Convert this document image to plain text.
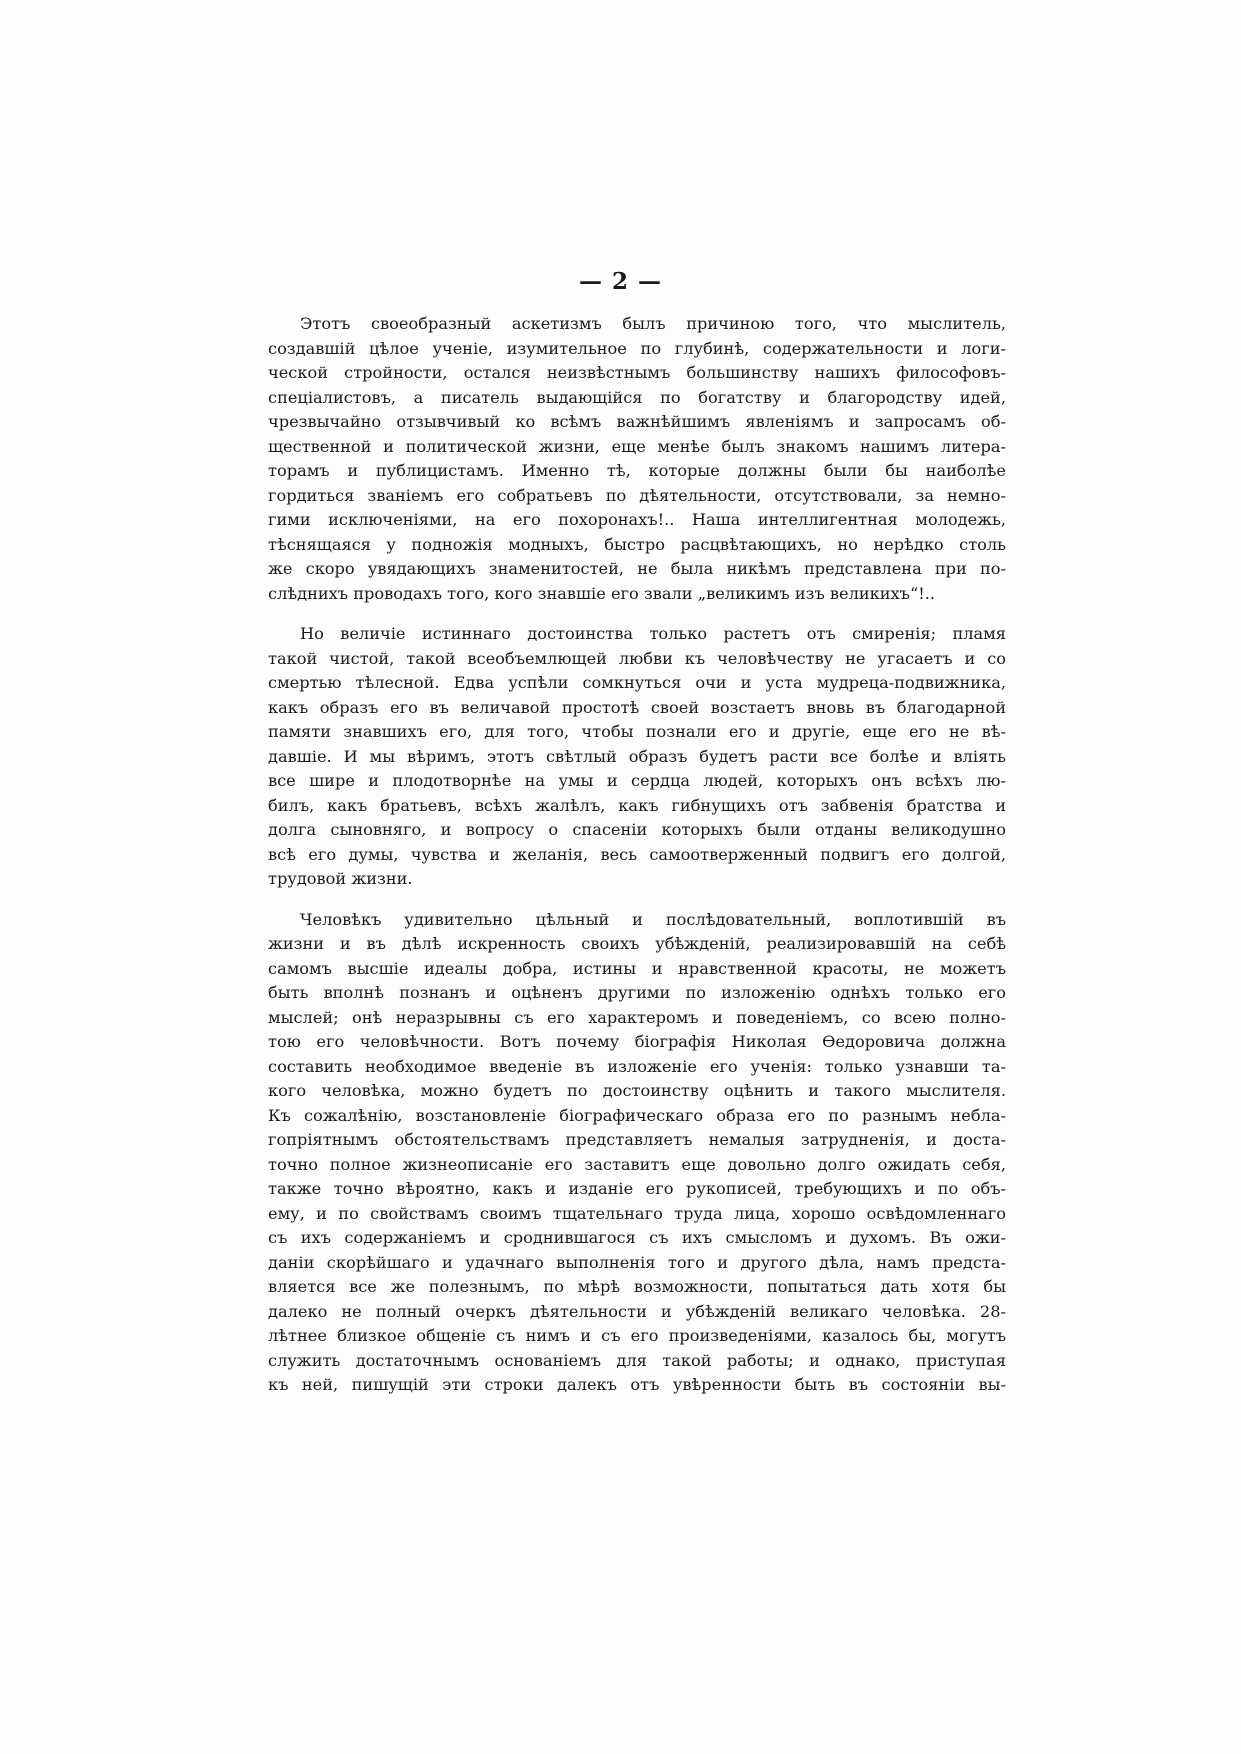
— 2 —
Этотъ своеобразный аскетизмъ былъ причиною того, что мыслитель,
создавшій цѣлое ученіе, изумительное по глубинѣ, содержательности и логи-
ческой стройности, остался неизвѣстнымъ большинству нашихъ философовъ-
спеціалистовъ, а писатель выдающійся по богатству и благородству идей,
чрезвычайно отзывчивый ко всѣмъ важнѣйшимъ явленіямъ и запросамъ об-
щественной и политической жизни, еще менѣе былъ знакомъ нашимъ литера-
торамъ и публицистамъ. Именно тѣ, которые должны были бы наиболѣе
гордиться званіемъ его собратьевъ по дѣятельности, отсутствовали, за немно-
гими исключеніями, на его похоронахъ!.. Наша интеллигентная молодежь,
тѣснящаяся у подножія модныхъ, быстро расцвѣтающихъ, но нерѣдко столь
же скоро увядающихъ знаменитостей, не была никѣмъ представлена при по-
слѣднихъ проводахъ того, кого знавшіе его звали „великимъ изъ великихъ“!..
Но величіе истиннаго достоинства только растетъ отъ смиренія; пламя
такой чистой, такой всеобъемлющей любви къ человѣчеству не угасаетъ и со
смертью тѣлесной. Едва успѣли сомкнуться очи и уста мудреца-подвижника,
какъ образъ его въ величавой простотѣ своей возстаетъ вновь въ благодарной
памяти знавшихъ его, для того, чтобы познали его и другіе, еще его не вѣ-
давшіе. И мы вѣримъ, этотъ свѣтлый образъ будетъ расти все болѣе и вліять
все шире и плодотворнѣе на умы и сердца людей, которыхъ онъ всѣхъ лю-
билъ, какъ братьевъ, всѣхъ жалѣлъ, какъ гибнущихъ отъ забвенія братства и
долга сыновняго, и вопросу о спасеніи которыхъ были отданы великодушно
всѣ его думы, чувства и желанія, весь самоотверженный подвигъ его долгой,
трудовой жизни.
Человѣкъ удивительно цѣльный и послѣдовательный, воплотившій въ
жизни и въ дѣлѣ искренность своихъ убѣжденій, реализировавшій на себѣ
самомъ высшіе идеалы добра, истины и нравственной красоты, не можетъ
быть вполнѣ познанъ и оцѣненъ другими по изложенію однѣхъ только его
мыслей; онѣ неразрывны съ его характеромъ и поведеніемъ, со всею полно-
тою его человѣчности. Вотъ почему біографія Николая Ѳедоровича должна
составить необходимое введеніе въ изложеніе его ученія: только узнавши та-
кого человѣка, можно будетъ по достоинству оцѣнить и такого мыслителя.
Къ сожалѣнію, возстановленіе біографическаго образа его по разнымъ небла-
гопріятнымъ обстоятельствамъ представляетъ немалыя затрудненія, и доста-
точно полное жизнеописаніе его заставитъ еще довольно долго ожидать себя,
также точно вѣроятно, какъ и изданіе его рукописей, требующихъ и по объ-
ему, и по свойствамъ своимъ тщательнаго труда лица, хорошо освѣдомленнаго
съ ихъ содержаніемъ и сроднившагося съ ихъ смысломъ и духомъ. Въ ожи-
даніи скорѣйшаго и удачнаго выполненія того и другого дѣла, намъ предста-
вляется все же полезнымъ, по мѣрѣ возможности, попытаться дать хотя бы
далеко не полный очеркъ дѣятельности и убѣжденій великаго человѣка. 28-
лѣтнее близкое общеніе съ нимъ и съ его произведеніями, казалось бы, могутъ
служить достаточнымъ основаніемъ для такой работы; и однако, приступая
къ ней, пишущій эти строки далекъ отъ увѣренности быть въ состояніи вы-
